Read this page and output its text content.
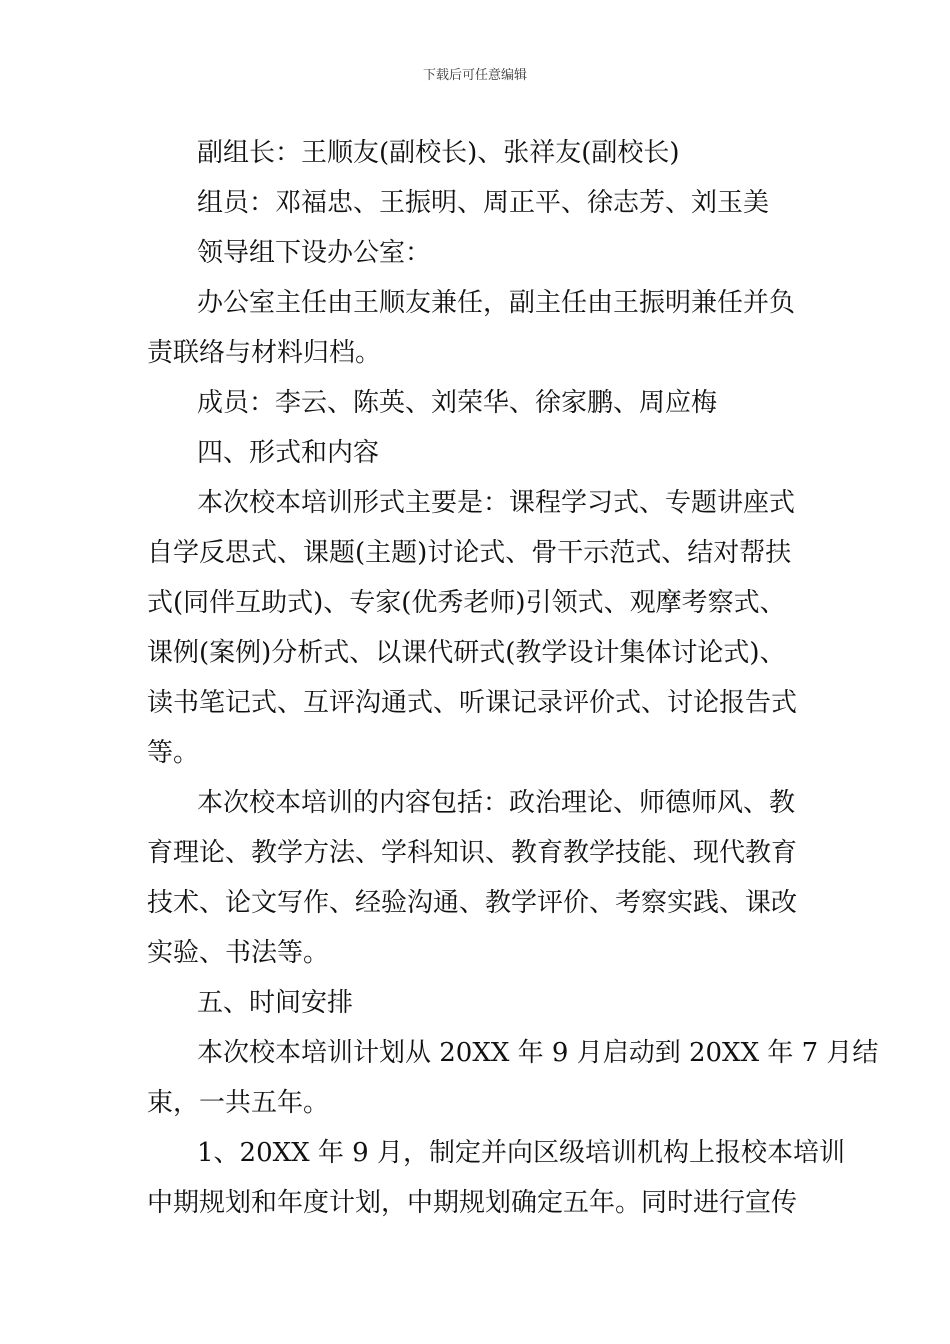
下载后可任意编辑
副组长：王顺友(副校长)、张祥友(副校长)
组员：邓福忠、王振明、周正平、徐志芳、刘玉美
领导组下设办公室：
办公室主任由王顺友兼任，副主任由王振明兼任并负
责联络与材料归档。
成员：李云、陈英、刘荣华、徐家鹏、周应梅
四、形式和内容
本次校本培训形式主要是：课程学习式、专题讲座式
自学反思式、课题(主题)讨论式、骨干示范式、结对帮扶
式(同伴互助式)、专家(优秀老师)引领式、观摩考察式、
课例(案例)分析式、以课代研式(教学设计集体讨论式)、
读书笔记式、互评沟通式、听课记录评价式、讨论报告式
等。
本次校本培训的内容包括：政治理论、师德师风、教
育理论、教学方法、学科知识、教育教学技能、现代教育
技术、论文写作、经验沟通、教学评价、考察实践、课改
实验、书法等。
五、时间安排
本次校本培训计划从 20XX 年 9 月启动到 20XX 年 7 月结
束，一共五年。
1、20XX 年 9 月，制定并向区级培训机构上报校本培训
中期规划和年度计划，中期规划确定五年。同时进行宣传
